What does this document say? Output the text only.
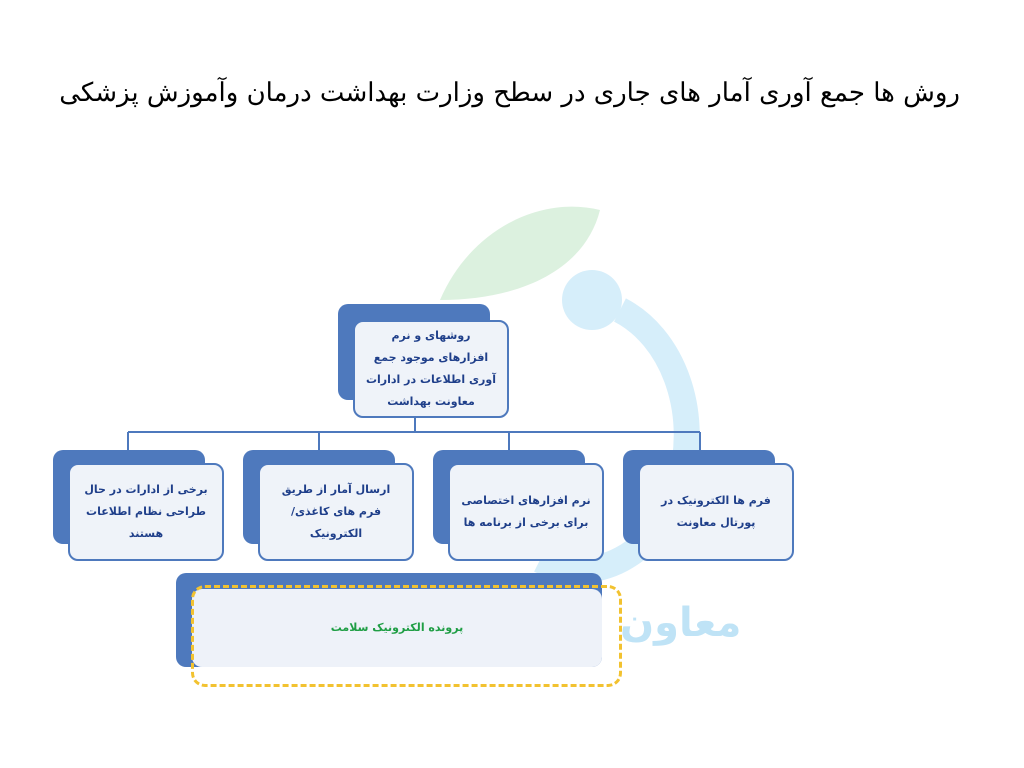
معاون
روش ها جمع آوری آمار های جاری در سطح وزارت بهداشت درمان وآموزش پزشکی
روشهای و نرم افزارهای موجود جمع آوری اطلاعات در ادارات معاونت بهداشت
فرم ها الکترونیک در پورتال معاونت
نرم افزارهای اختصاصی برای برخی از برنامه ها
ارسال آمار از طریق فرم های کاغذی/ الکترونیک
برخی از ادارات در حال طراحی نظام اطلاعات هستند
پرونده الکترونیک سلامت
